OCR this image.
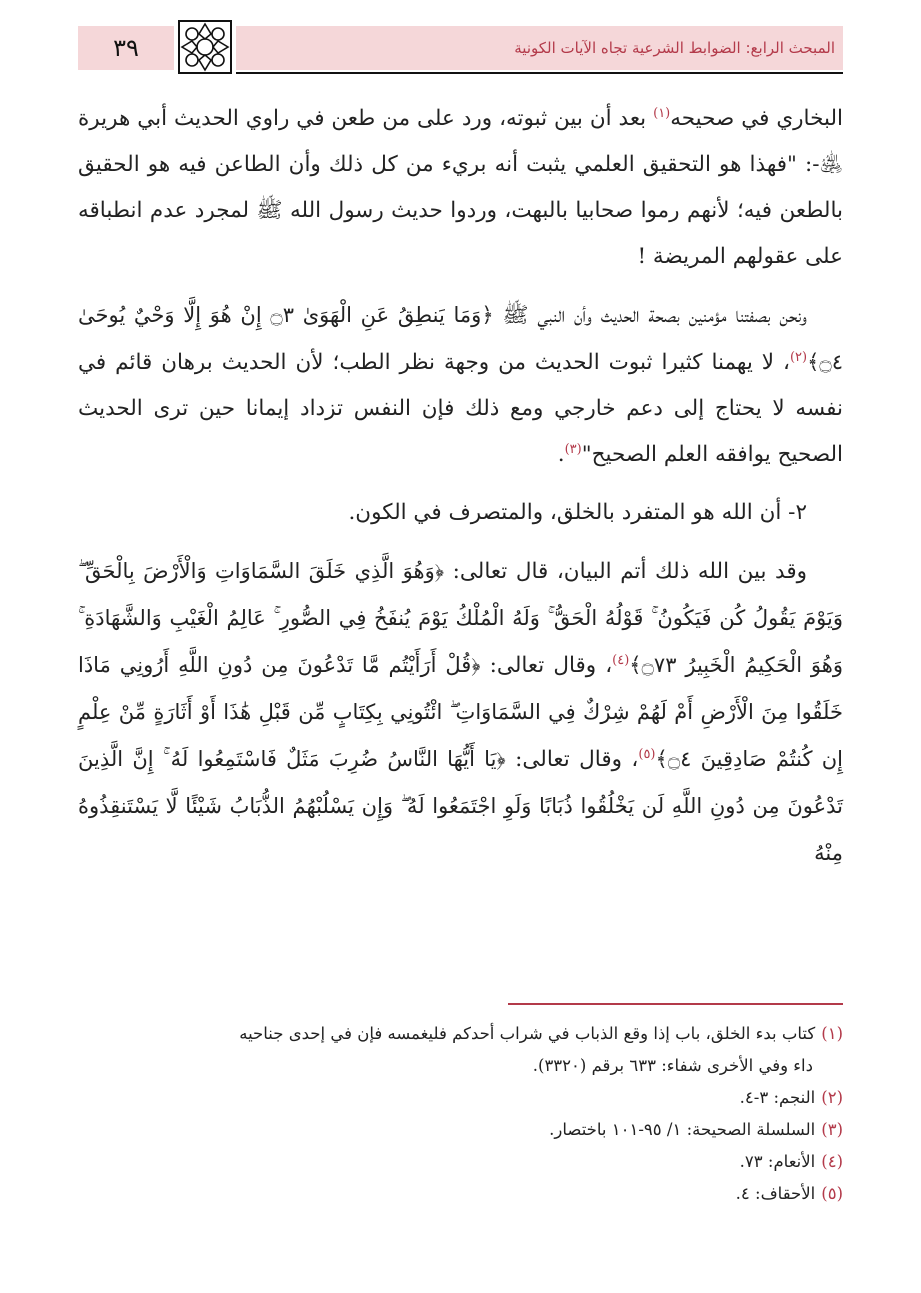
٣٩	المبحث الرابع: الضوابط الشرعية تجاه الآيات الكونية

البخاري في صحيحه$^{(١)}$ بعد أن بين ثبوته، ورد على من طعن في راوي الحديث أبي هريرة ﵁-: "فهذا هو التحقيق العلمي يثبت أنه بريء من كل ذلك وأن الطاعن فيه هو الحقيق بالطعن فيه؛ لأنهم رموا صحابيا بالبهت، وردوا حديث رسول الله ﷺ لمجرد عدم انطباقه على عقولهم المريضة !

ونحن بصفتنا مؤمنين بصحة الحديث وأن النبي ﷺ ﴿وَمَا يَنطِقُ عَنِ الْهَوَىٰ ۝٣ إِنْ هُوَ إِلَّا وَحْيٌ يُوحَىٰ ۝٤﴾$^{(٢)}$، لا يهمنا كثيرا ثبوت الحديث من وجهة نظر الطب؛ لأن الحديث برهان قائم في نفسه لا يحتاج إلى دعم خارجي ومع ذلك فإن النفس تزداد إيمانا حين ترى الحديث الصحيح يوافقه العلم الصحيح"$^{(٣)}$.

٢- أن الله هو المتفرد بالخلق، والمتصرف في الكون.

وقد بين الله ذلك أتم البيان، قال تعالى: ﴿وَهُوَ الَّذِي خَلَقَ السَّمَاوَاتِ وَالْأَرْضَ بِالْحَقِّ ۖ وَيَوْمَ يَقُولُ كُن فَيَكُونُ ۚ قَوْلُهُ الْحَقُّ ۚ وَلَهُ الْمُلْكُ يَوْمَ يُنفَخُ فِي الصُّورِ ۚ عَالِمُ الْغَيْبِ وَالشَّهَادَةِ ۚ وَهُوَ الْحَكِيمُ الْخَبِيرُ ۝٧٣﴾$^{(٤)}$، وقال تعالى: ﴿قُلْ أَرَأَيْتُم مَّا تَدْعُونَ مِن دُونِ اللَّهِ أَرُونِي مَاذَا خَلَقُوا مِنَ الْأَرْضِ أَمْ لَهُمْ شِرْكٌ فِي السَّمَاوَاتِ ۖ ائْتُونِي بِكِتَابٍ مِّن قَبْلِ هَٰذَا أَوْ أَثَارَةٍ مِّنْ عِلْمٍ إِن كُنتُمْ صَادِقِينَ ۝٤﴾$^{(٥)}$، وقال تعالى: ﴿يَا أَيُّهَا النَّاسُ ضُرِبَ مَثَلٌ فَاسْتَمِعُوا لَهُ ۚ إِنَّ الَّذِينَ تَدْعُونَ مِن دُونِ اللَّهِ لَن يَخْلُقُوا ذُبَابًا وَلَوِ اجْتَمَعُوا لَهُ ۖ وَإِن يَسْلُبْهُمُ الذُّبَابُ شَيْئًا لَّا يَسْتَنقِذُوهُ مِنْهُ

(١)كتاب بدء الخلق، باب إذا وقع الذباب في شراب أحدكم فليغمسه فإن في إحدى جناحيه
داء وفي الأخرى شفاء: ٦٣٣ برقم (٣٣٢٠).
(٢)النجم: ٣-٤.
(٣)السلسلة الصحيحة: ١/ ٩٥-١٠١ باختصار.
(٤)الأنعام: ٧٣.
(٥)الأحقاف: ٤.
